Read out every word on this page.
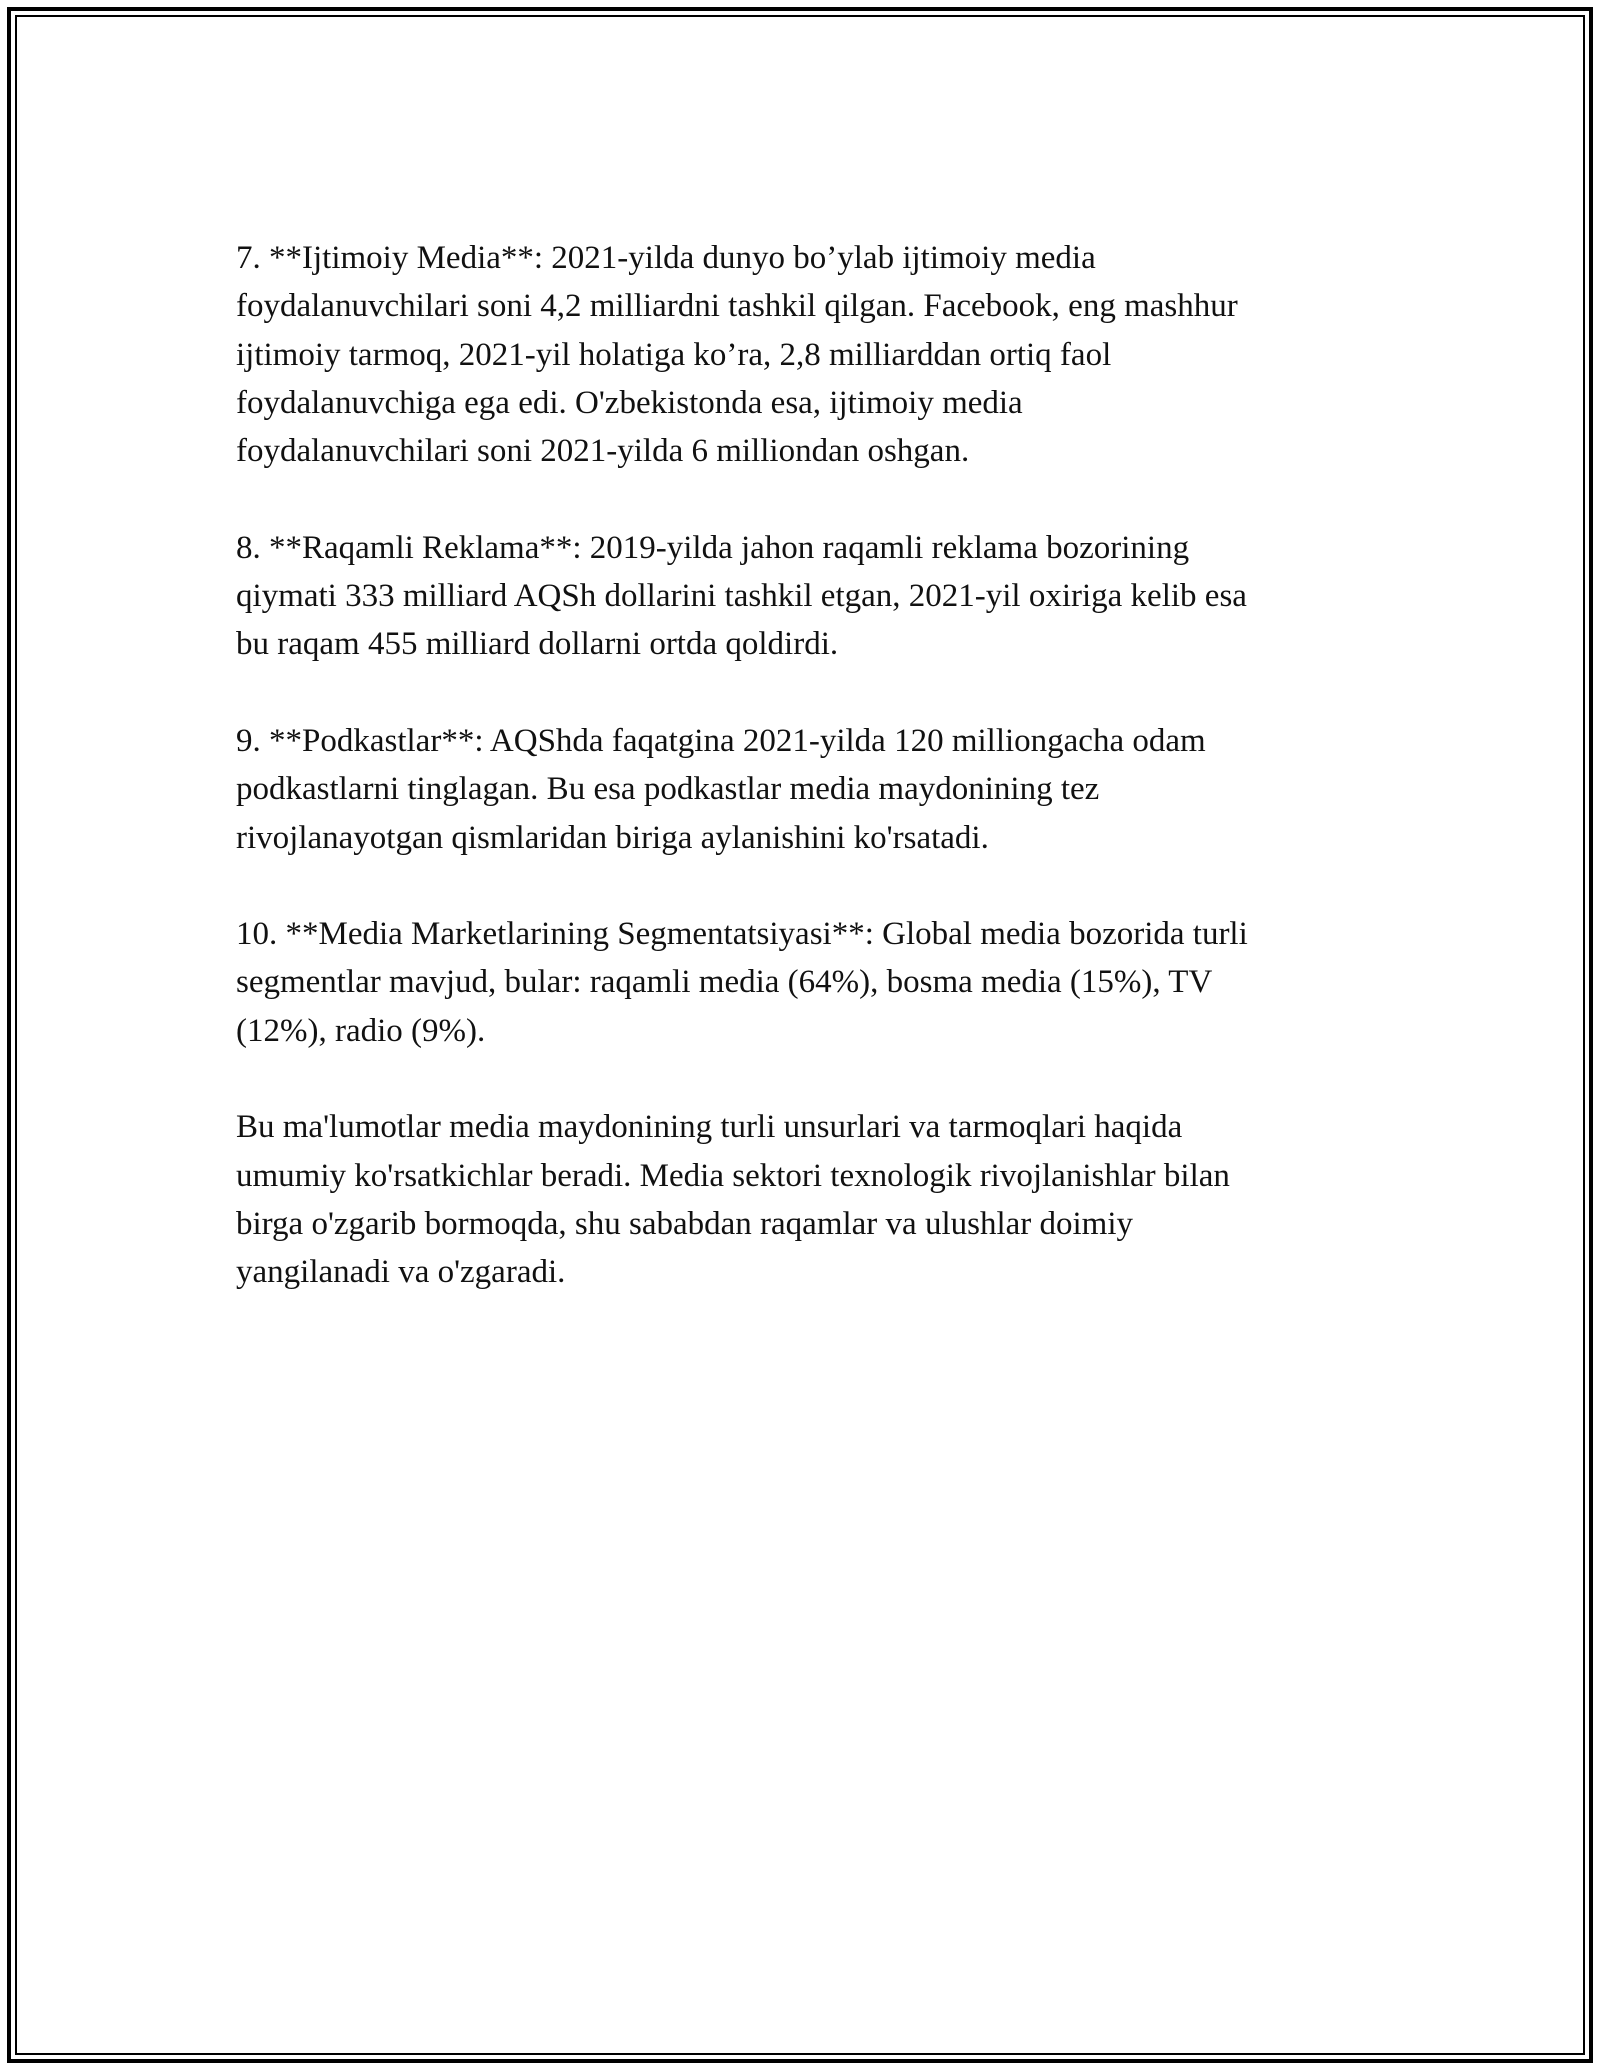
7. **Ijtimoiy Media**: 2021-yilda dunyo bo’ylab ijtimoiy media
foydalanuvchilari soni 4,2 milliardni tashkil qilgan. Facebook, eng mashhur
ijtimoiy tarmoq, 2021-yil holatiga ko’ra, 2,8 milliarddan ortiq faol
foydalanuvchiga ega edi. O'zbekistonda esa, ijtimoiy media
foydalanuvchilari soni 2021-yilda 6 milliondan oshgan.

8. **Raqamli Reklama**: 2019-yilda jahon raqamli reklama bozorining
qiymati 333 milliard AQSh dollarini tashkil etgan, 2021-yil oxiriga kelib esa
bu raqam 455 milliard dollarni ortda qoldirdi.

9. **Podkastlar**: AQShda faqatgina 2021-yilda 120 milliongacha odam
podkastlarni tinglagan. Bu esa podkastlar media maydonining tez
rivojlanayotgan qismlaridan biriga aylanishini ko'rsatadi.

10. **Media Marketlarining Segmentatsiyasi**: Global media bozorida turli
segmentlar mavjud, bular: raqamli media (64%), bosma media (15%), TV
(12%), radio (9%).

Bu ma'lumotlar media maydonining turli unsurlari va tarmoqlari haqida
umumiy ko'rsatkichlar beradi. Media sektori texnologik rivojlanishlar bilan
birga o'zgarib bormoqda, shu sababdan raqamlar va ulushlar doimiy
yangilanadi va o'zgaradi.
